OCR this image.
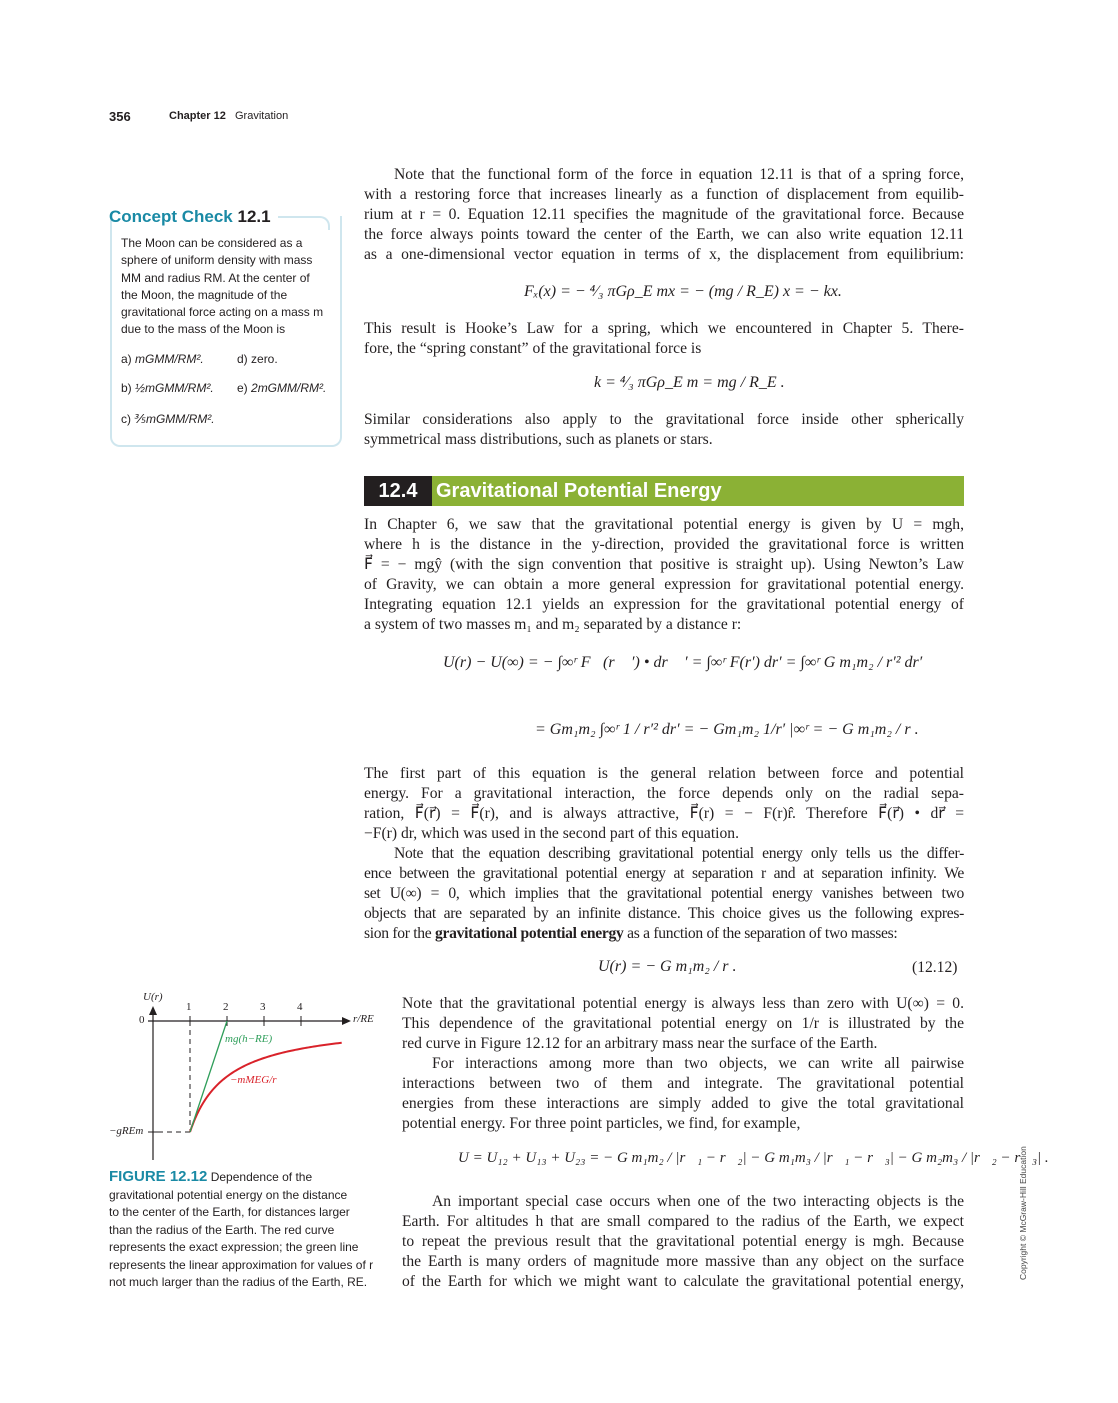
356	Chapter 12 Gravitation
Concept Check 12.1
The Moon can be considered as a
sphere of uniform density with mass
MM and radius RM. At the center of
the Moon, the magnitude of the
gravitational force acting on a mass m
due to the mass of the Moon is
a) mGMM/RM².	d) zero.
b) ½mGMM/RM². e) 2mGMM/RM².
c) ⅗mGMM/RM².
Note that the functional form of the force in equation 12.11 is that of a spring force,
with a restoring force that increases linearly as a function of displacement from equilib-
rium at r = 0. Equation 12.11 specifies the magnitude of the gravitational force. Because
the force always points toward the center of the Earth, we can also write equation 12.11
as a one-dimensional vector equation in terms of x, the displacement from equilibrium:
Fₓ(x) = − ⁴⁄₃ πGρ_E mx = − (mg / R_E) x = − kx.
This result is Hooke’s Law for a spring, which we encountered in Chapter 5. There-
fore, the “spring constant” of the gravitational force is
k = ⁴⁄₃ πGρ_E m = mg / R_E .
Similar considerations also apply to the gravitational force inside other spherically
symmetrical mass distributions, such as planets or stars.
12.4 Gravitational Potential Energy
In Chapter 6, we saw that the gravitational potential energy is given by U = mgh,
where h is the distance in the y-direction, provided the gravitational force is written
F⃗ = − mgŷ (with the sign convention that positive is straight up). Using Newton’s Law
of Gravity, we can obtain a more general expression for gravitational potential energy.
Integrating equation 12.1 yields an expression for the gravitational potential energy of
a system of two masses m₁ and m₂ separated by a distance r:
U(r) − U(∞) = − ∫∞ʳ F⃗(r⃗ ′) • dr⃗ ′ = ∫∞ʳ F(r′) dr′ = ∫∞ʳ G m₁m₂ / r′² dr′
= Gm₁m₂ ∫∞ʳ 1 / r′² dr′ = − Gm₁m₂ 1/r′ |∞ʳ = − G m₁m₂ / r .
The first part of this equation is the general relation between force and potential
energy. For a gravitational interaction, the force depends only on the radial sepa-
ration, F⃗(r⃗) = F⃗(r), and is always attractive, F⃗(r) = − F(r)r̂. Therefore F⃗(r⃗) • dr⃗ =
−F(r) dr, which was used in the second part of this equation.
Note that the equation describing gravitational potential energy only tells us the differ-
ence between the gravitational potential energy at separation r and at separation infinity. We
set U(∞) = 0, which implies that the gravitational potential energy vanishes between two
objects that are separated by an infinite distance. This choice gives us the following expres-
sion for the gravitational potential energy as a function of the separation of two masses:
U(r) = − G m₁m₂ / r .	(12.12)
Note that the gravitational potential energy is always less than zero with U(∞) = 0.
This dependence of the gravitational potential energy on 1/r is illustrated by the
red curve in Figure 12.12 for an arbitrary mass near the surface of the Earth.
For interactions among more than two objects, we can write all pairwise
interactions between two of them and integrate. The gravitational potential
energies from these interactions are simply added to give the total gravitational
potential energy. For three point particles, we find, for example,
U = U₁₂ + U₁₃ + U₂₃ = − G m₁m₂ / |r⃗₁ − r⃗₂| − G m₁m₃ / |r⃗₁ − r⃗₃| − G m₂m₃ / |r⃗₂ − r⃗₃| .
An important special case occurs when one of the two interacting objects is the
Earth. For altitudes h that are small compared to the radius of the Earth, we expect
to repeat the previous result that the gravitational potential energy is mgh. Because
the Earth is many orders of magnitude more massive than any object on the surface
of the Earth for which we might want to calculate the gravitational potential energy,
U(r)
r/RE
0
−gREm
1	2	3	4
mg(h−RE)
−mMEG/r
FIGURE 12.12 Dependence of the
gravitational potential energy on the distance
to the center of the Earth, for distances larger
than the radius of the Earth. The red curve
represents the exact expression; the green line
represents the linear approximation for values of r
not much larger than the radius of the Earth, RE.
Copyright © McGraw-Hill Education
